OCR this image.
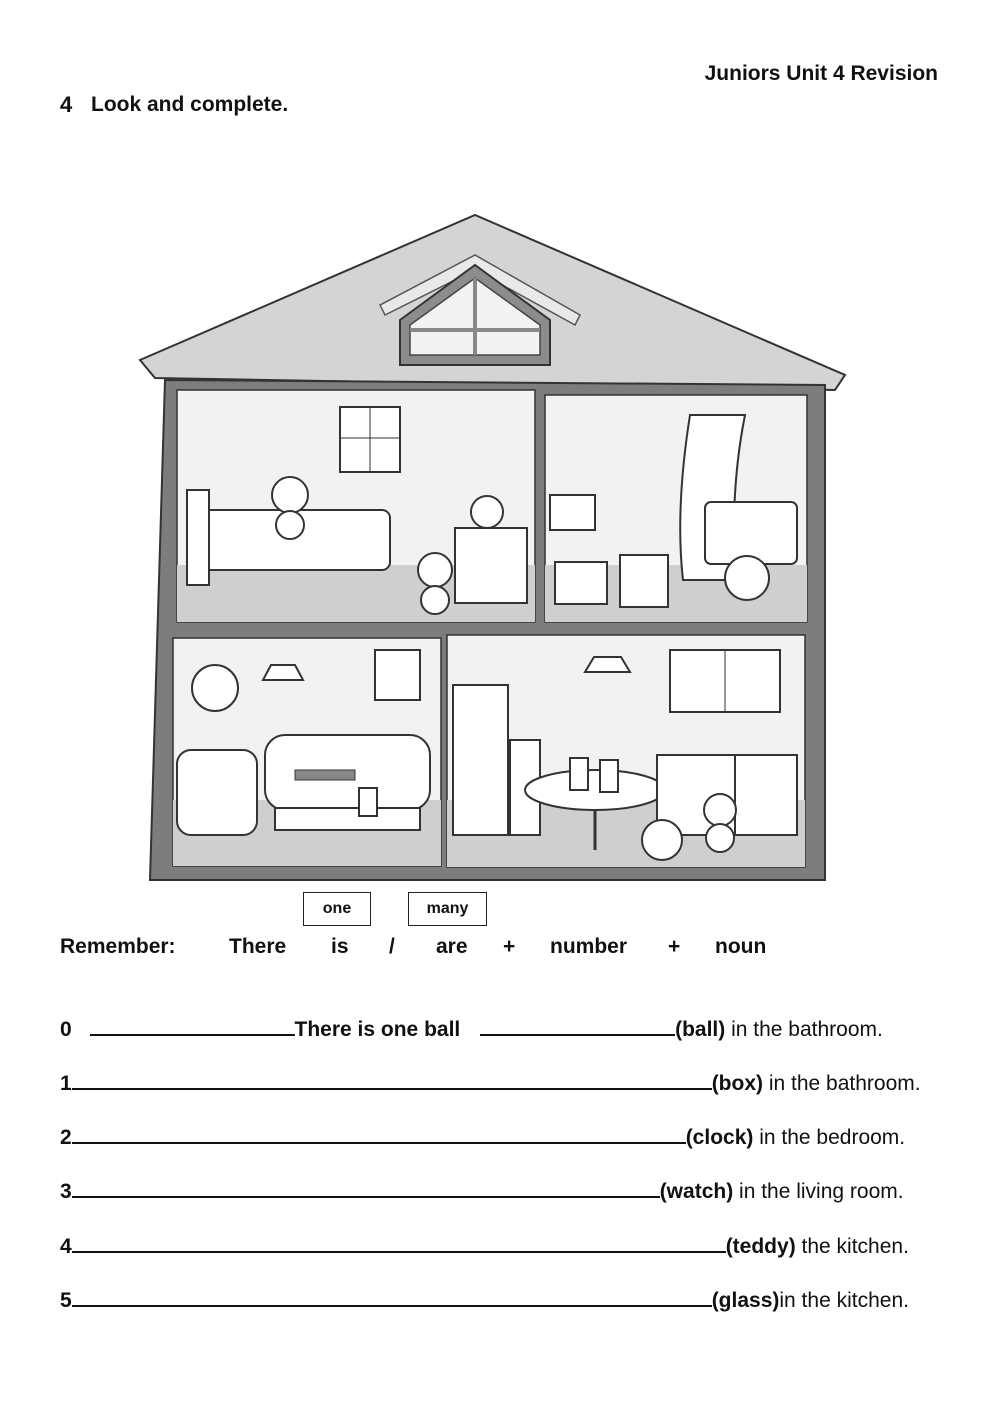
Juniors Unit 4 Revision
4 Look and complete.
one	many
Remember:	There is / are + number + noun
0	There is one ball	(ball) in the bathroom.
1	(box) in the bathroom.
2	(clock) in the bedroom.
3	(watch) in the living room.
4	(teddy) the kitchen.
5	(glass)in the kitchen.
